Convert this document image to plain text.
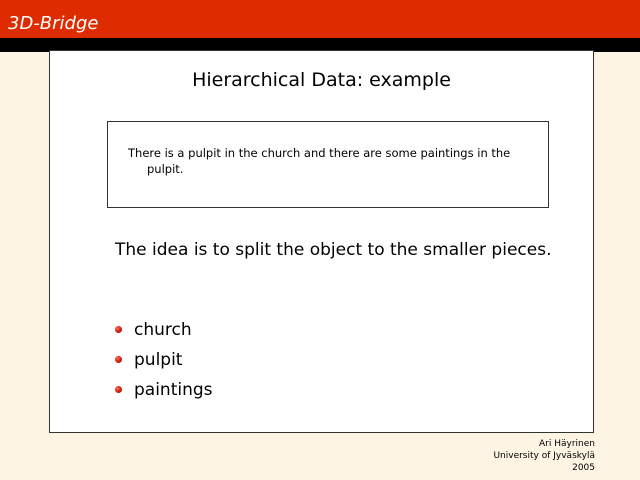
3D-Bridge
Hierarchical Data: example
There is a pulpit in the church and there are some paintings in the pulpit.
The idea is to split the object to the smaller pieces.
church
pulpit
paintings
Ari Häyrinen
University of Jyväskylä
2005
